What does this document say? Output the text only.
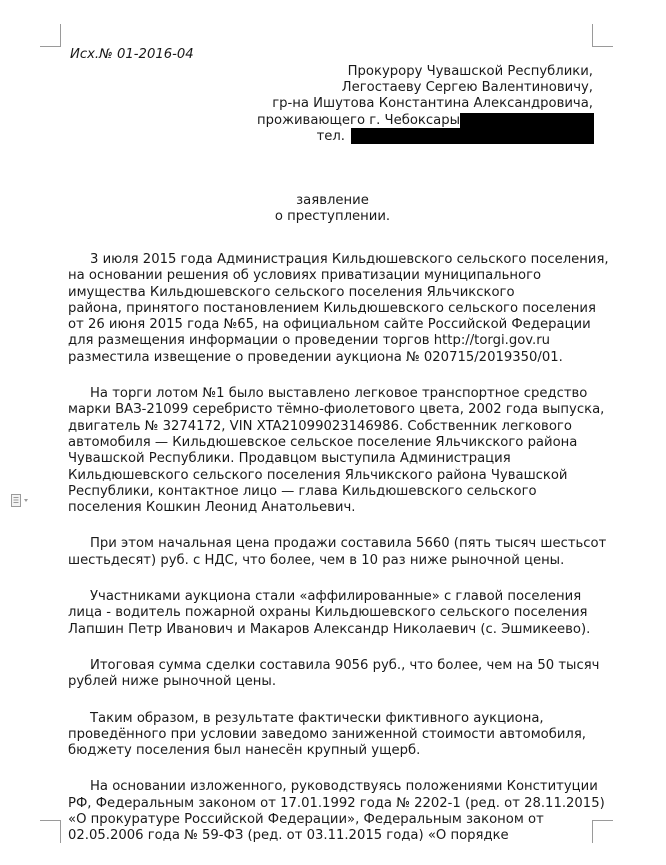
Исх.№ 01-2016-04
Прокурору Чувашской Республики,
Легостаеву Сергею Валентиновичу,
гр-на Ишутова Константина Александровича,
проживающего г. Чебоксары
тел.
заявление
о преступлении.

3 июля 2015 года Администрация Кильдюшевского сельского поселения,
на основании решения об условиях приватизации муниципального
имущества Кильдюшевского сельского поселения Яльчикского
района, принятого постановлением Кильдюшевского сельского поселения
от 26 июня 2015 года №65, на официальном сайте Российской Федерации
для размещения информации о проведении торгов http://torgi.gov.ru
разместила извещение о проведении аукциона № 020715/2019350/01.

На торги лотом №1 было выставлено легковое транспортное средство
марки ВАЗ-21099 серебристо тёмно-фиолетового цвета, 2002 года выпуска,
двигатель № 3274172, VIN XTA21099023146986. Собственник легкового
автомобиля — Кильдюшевское сельское поселение Яльчикского района
Чувашской Республики. Продавцом выступила Администрация
Кильдюшевского сельского поселения Яльчикского района Чувашской
Республики, контактное лицо — глава Кильдюшевского сельского
поселения Кошкин Леонид Анатольевич.

При этом начальная цена продажи составила 5660 (пять тысяч шестьсот
шестьдесят) руб. с НДС, что более, чем в 10 раз ниже рыночной цены.

Участниками аукциона стали «аффилированные» с главой поселения
лица - водитель пожарной охраны Кильдюшевского сельского поселения
Лапшин Петр Иванович и Макаров Александр Николаевич (с. Эшмикеево).

Итоговая сумма сделки составила 9056 руб., что более, чем на 50 тысяч
рублей ниже рыночной цены.

Таким образом, в результате фактически фиктивного аукциона,
проведённого при условии заведомо заниженной стоимости автомобиля,
бюджету поселения был нанесён крупный ущерб.

На основании изложенного, руководствуясь положениями Конституции
РФ, Федеральным законом от 17.01.1992 года № 2202-1 (ред. от 28.11.2015)
«О прокуратуре Российской Федерации», Федеральным законом от
02.05.2006 года № 59-ФЗ (ред. от 03.11.2015 года) «О порядке
